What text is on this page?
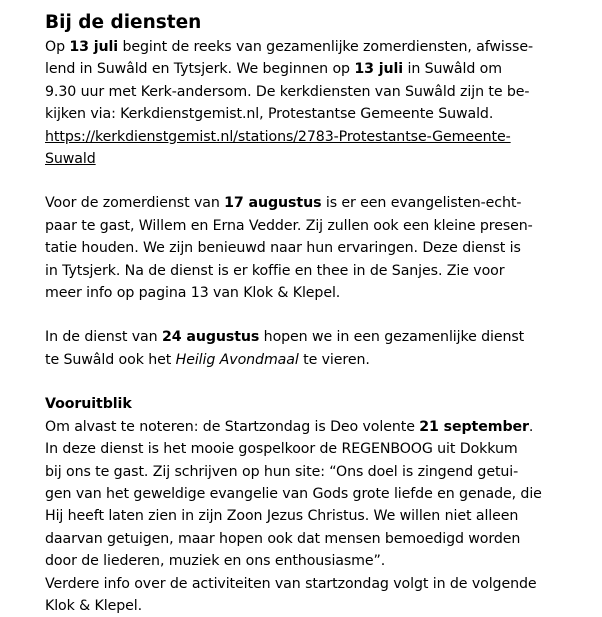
Bij de diensten
Op 13 juli begint de reeks van gezamenlijke zomerdiensten, afwisse-
lend in Suwâld en Tytsjerk. We beginnen op 13 juli in Suwâld om
9.30 uur met Kerk-andersom. De kerkdiensten van Suwâld zijn te be-
kijken via: Kerkdienstgemist.nl, Protestantse Gemeente Suwald.
https://kerkdienstgemist.nl/stations/2783-Protestantse-Gemeente-
Suwald
Voor de zomerdienst van 17 augustus is er een evangelisten-echt-
paar te gast, Willem en Erna Vedder. Zij zullen ook een kleine presen-
tatie houden. We zijn benieuwd naar hun ervaringen. Deze dienst is
in Tytsjerk. Na de dienst is er koffie en thee in de Sanjes. Zie voor
meer info op pagina 13 van Klok & Klepel.
In de dienst van 24 augustus hopen we in een gezamenlijke dienst
te Suwâld ook het Heilig Avondmaal te vieren.
Vooruitblik
Om alvast te noteren: de Startzondag is Deo volente 21 september.
In deze dienst is het mooie gospelkoor de REGENBOOG uit Dokkum
bij ons te gast. Zij schrijven op hun site: “Ons doel is zingend getui-
gen van het geweldige evangelie van Gods grote liefde en genade, die
Hij heeft laten zien in zijn Zoon Jezus Christus. We willen niet alleen
daarvan getuigen, maar hopen ook dat mensen bemoedigd worden
door de liederen, muziek en ons enthousiasme”.
Verdere info over de activiteiten van startzondag volgt in de volgende
Klok & Klepel.
